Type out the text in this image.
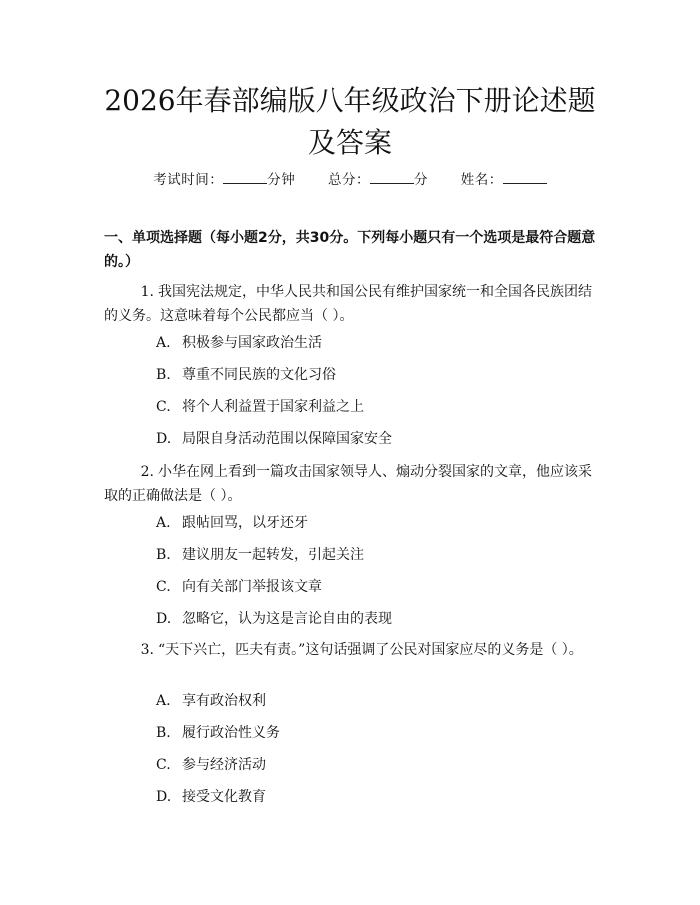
2026年春部编版八年级政治下册论述题及答案
考试时间：	分钟 总分：	分 姓名：
一、单项选择题（每小题2分，共30分。下列每小题只有一个选项是最符合题意的。）
1. 我国宪法规定，中华人民共和国公民有维护国家统一和全国各民族团结的义务。这意味着每个公民都应当（ ）。
A. 积极参与国家政治生活
B. 尊重不同民族的文化习俗
C. 将个人利益置于国家利益之上
D. 局限自身活动范围以保障国家安全
2. 小华在网上看到一篇攻击国家领导人、煽动分裂国家的文章，他应该采取的正确做法是（ ）。
A. 跟帖回骂，以牙还牙
B. 建议朋友一起转发，引起关注
C. 向有关部门举报该文章
D. 忽略它，认为这是言论自由的表现
3. “天下兴亡，匹夫有责。”这句话强调了公民对国家应尽的义务是（ ）。
A. 享有政治权利
B. 履行政治性义务
C. 参与经济活动
D. 接受文化教育
